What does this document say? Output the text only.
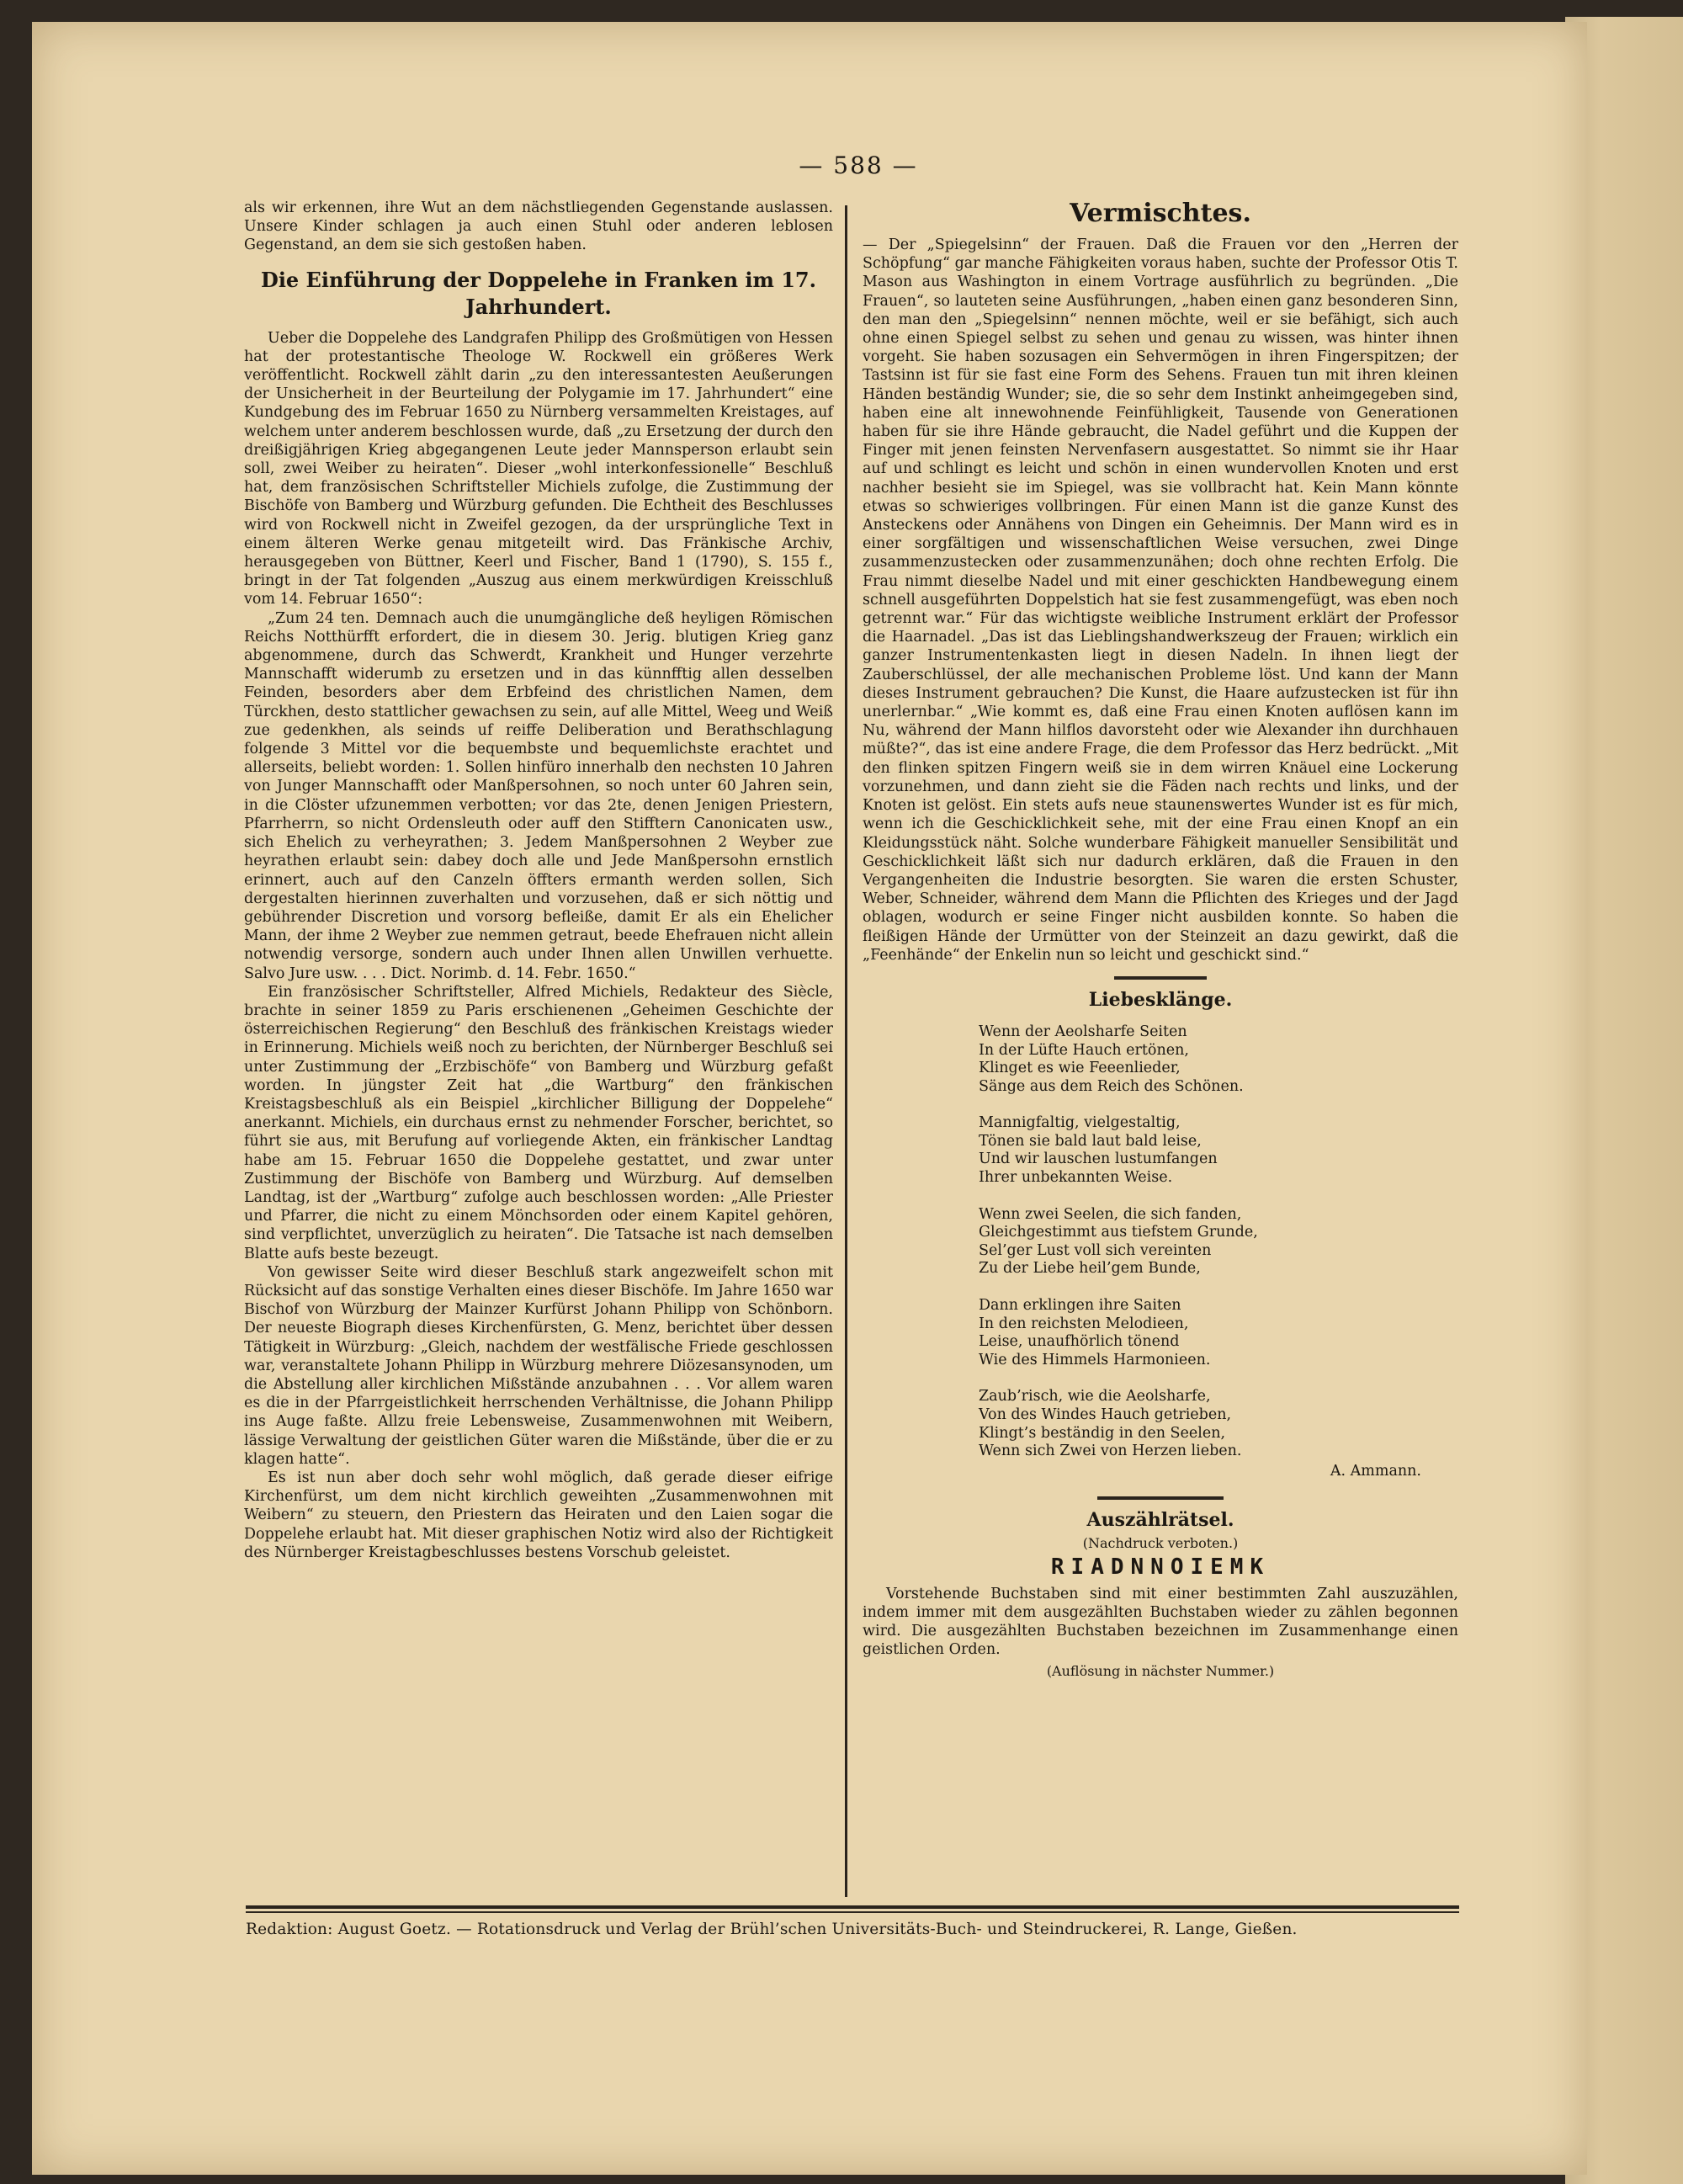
— 588 —

als wir erkennen, ihre Wut an dem nächstliegenden Gegenstande auslassen. Unsere Kinder schlagen ja auch einen Stuhl oder anderen leblosen Gegenstand, an dem sie sich gestoßen haben.

Die Einführung der Doppelehe in Franken im 17. Jahrhundert.

Ueber die Doppelehe des Landgrafen Philipp des Großmütigen von Hessen hat der protestantische Theologe W. Rockwell ein größeres Werk veröffentlicht. Rockwell zählt darin „zu den interessantesten Aeußerungen der Unsicherheit in der Beurteilung der Polygamie im 17. Jahrhundert“ eine Kundgebung des im Februar 1650 zu Nürnberg versammelten Kreistages, auf welchem unter anderem beschlossen wurde, daß „zu Ersetzung der durch den dreißigjährigen Krieg abgegangenen Leute jeder Mannsperson erlaubt sein soll, zwei Weiber zu heiraten“. Dieser „wohl interkonfessionelle“ Beschluß hat, dem französischen Schriftsteller Michiels zufolge, die Zustimmung der Bischöfe von Bamberg und Würzburg gefunden. Die Echtheit des Beschlusses wird von Rockwell nicht in Zweifel gezogen, da der ursprüngliche Text in einem älteren Werke genau mitgeteilt wird. Das Fränkische Archiv, herausgegeben von Büttner, Keerl und Fischer, Band 1 (1790), S. 155 f., bringt in der Tat folgenden „Auszug aus einem merkwürdigen Kreisschluß vom 14. Februar 1650“:

„Zum 24 ten. Demnach auch die unumgängliche deß heyligen Römischen Reichs Notthürfft erfordert, die in diesem 30. Jerig. blutigen Krieg ganz abgenommene, durch das Schwerdt, Krankheit und Hunger verzehrte Mannschafft widerumb zu ersetzen und in das künnfftig allen desselben Feinden, besorders aber dem Erbfeind des christlichen Namen, dem Türckhen, desto stattlicher gewachsen zu sein, auf alle Mittel, Weeg und Weiß zue gedenkhen, als seinds uf reiffe Deliberation und Berathschlagung folgende 3 Mittel vor die bequembste und bequemlichste erachtet und allerseits, beliebt worden: 1. Sollen hinfüro innerhalb den nechsten 10 Jahren von Junger Mannschafft oder Manßpersohnen, so noch unter 60 Jahren sein, in die Clöster ufzunemmen verbotten; vor das 2te, denen Jenigen Priestern, Pfarrherrn, so nicht Ordensleuth oder auff den Stifftern Canonicaten usw., sich Ehelich zu verheyrathen; 3. Jedem Manßpersohnen 2 Weyber zue heyrathen erlaubt sein: dabey doch alle und Jede Manßpersohn ernstlich erinnert, auch auf den Canzeln öffters ermanth werden sollen, Sich dergestalten hierinnen zuverhalten und vorzusehen, daß er sich nöttig und gebührender Discretion und vorsorg befleiße, damit Er als ein Ehelicher Mann, der ihme 2 Weyber zue nemmen getraut, beede Ehefrauen nicht allein notwendig versorge, sondern auch under Ihnen allen Unwillen verhuette. Salvo Jure usw. . . . Dict. Norimb. d. 14. Febr. 1650.“

Ein französischer Schriftsteller, Alfred Michiels, Redakteur des Siècle, brachte in seiner 1859 zu Paris erschienenen „Geheimen Geschichte der österreichischen Regierung“ den Beschluß des fränkischen Kreistags wieder in Erinnerung. Michiels weiß noch zu berichten, der Nürnberger Beschluß sei unter Zustimmung der „Erzbischöfe“ von Bamberg und Würzburg gefaßt worden. In jüngster Zeit hat „die Wartburg“ den fränkischen Kreistagsbeschluß als ein Beispiel „kirchlicher Billigung der Doppelehe“ anerkannt. Michiels, ein durchaus ernst zu nehmender Forscher, berichtet, so führt sie aus, mit Berufung auf vorliegende Akten, ein fränkischer Landtag habe am 15. Februar 1650 die Doppelehe gestattet, und zwar unter Zustimmung der Bischöfe von Bamberg und Würzburg. Auf demselben Landtag, ist der „Wartburg“ zufolge auch beschlossen worden: „Alle Priester und Pfarrer, die nicht zu einem Mönchsorden oder einem Kapitel gehören, sind verpflichtet, unverzüglich zu heiraten“. Die Tatsache ist nach demselben Blatte aufs beste bezeugt.

Von gewisser Seite wird dieser Beschluß stark angezweifelt schon mit Rücksicht auf das sonstige Verhalten eines dieser Bischöfe. Im Jahre 1650 war Bischof von Würzburg der Mainzer Kurfürst Johann Philipp von Schönborn. Der neueste Biograph dieses Kirchenfürsten, G. Menz, berichtet über dessen Tätigkeit in Würzburg: „Gleich, nachdem der westfälische Friede geschlossen war, veranstaltete Johann Philipp in Würzburg mehrere Diözesansynoden, um die Abstellung aller kirchlichen Mißstände anzubahnen . . . Vor allem waren es die in der Pfarrgeistlichkeit herrschenden Verhältnisse, die Johann Philipp ins Auge faßte. Allzu freie Lebensweise, Zusammenwohnen mit Weibern, lässige Verwaltung der geistlichen Güter waren die Mißstände, über die er zu klagen hatte“.

Es ist nun aber doch sehr wohl möglich, daß gerade dieser eifrige Kirchenfürst, um dem nicht kirchlich geweihten „Zusammenwohnen mit Weibern“ zu steuern, den Priestern das Heiraten und den Laien sogar die Doppelehe erlaubt hat. Mit dieser graphischen Notiz wird also der Richtigkeit des Nürnberger Kreistagbeschlusses bestens Vorschub geleistet.

Vermischtes.

— Der „Spiegelsinn“ der Frauen. Daß die Frauen vor den „Herren der Schöpfung“ gar manche Fähigkeiten voraus haben, suchte der Professor Otis T. Mason aus Washington in einem Vortrage ausführlich zu begründen. „Die Frauen“, so lauteten seine Ausführungen, „haben einen ganz besonderen Sinn, den man den „Spiegelsinn“ nennen möchte, weil er sie befähigt, sich auch ohne einen Spiegel selbst zu sehen und genau zu wissen, was hinter ihnen vorgeht. Sie haben sozusagen ein Sehvermögen in ihren Fingerspitzen; der Tastsinn ist für sie fast eine Form des Sehens. Frauen tun mit ihren kleinen Händen beständig Wunder; sie, die so sehr dem Instinkt anheimgegeben sind, haben eine alt innewohnende Feinfühligkeit, Tausende von Generationen haben für sie ihre Hände gebraucht, die Nadel geführt und die Kuppen der Finger mit jenen feinsten Nervenfasern ausgestattet. So nimmt sie ihr Haar auf und schlingt es leicht und schön in einen wundervollen Knoten und erst nachher besieht sie im Spiegel, was sie vollbracht hat. Kein Mann könnte etwas so schwieriges vollbringen. Für einen Mann ist die ganze Kunst des Ansteckens oder Annähens von Dingen ein Geheimnis. Der Mann wird es in einer sorgfältigen und wissenschaftlichen Weise versuchen, zwei Dinge zusammenzustecken oder zusammenzunähen; doch ohne rechten Erfolg. Die Frau nimmt dieselbe Nadel und mit einer geschickten Handbewegung einem schnell ausgeführten Doppelstich hat sie fest zusammengefügt, was eben noch getrennt war.“ Für das wichtigste weibliche Instrument erklärt der Professor die Haarnadel. „Das ist das Lieblingshandwerkszeug der Frauen; wirklich ein ganzer Instrumentenkasten liegt in diesen Nadeln. In ihnen liegt der Zauberschlüssel, der alle mechanischen Probleme löst. Und kann der Mann dieses Instrument gebrauchen? Die Kunst, die Haare aufzustecken ist für ihn unerlernbar.“ „Wie kommt es, daß eine Frau einen Knoten auflösen kann im Nu, während der Mann hilflos davorsteht oder wie Alexander ihn durchhauen müßte?“, das ist eine andere Frage, die dem Professor das Herz bedrückt. „Mit den flinken spitzen Fingern weiß sie in dem wirren Knäuel eine Lockerung vorzunehmen, und dann zieht sie die Fäden nach rechts und links, und der Knoten ist gelöst. Ein stets aufs neue staunenswertes Wunder ist es für mich, wenn ich die Geschicklichkeit sehe, mit der eine Frau einen Knopf an ein Kleidungsstück näht. Solche wunderbare Fähigkeit manueller Sensibilität und Geschicklichkeit läßt sich nur dadurch erklären, daß die Frauen in den Vergangenheiten die Industrie besorgten. Sie waren die ersten Schuster, Weber, Schneider, während dem Mann die Pflichten des Krieges und der Jagd oblagen, wodurch er seine Finger nicht ausbilden konnte. So haben die fleißigen Hände der Urmütter von der Steinzeit an dazu gewirkt, daß die „Feenhände“ der Enkelin nun so leicht und geschickt sind.“

Liebesklänge.
Wenn der Aeolsharfe Seiten
In der Lüfte Hauch ertönen,
Klinget es wie Feeenlieder,
Sänge aus dem Reich des Schönen.
Mannigfaltig, vielgestaltig,
Tönen sie bald laut bald leise,
Und wir lauschen lustumfangen
Ihrer unbekannten Weise.
Wenn zwei Seelen, die sich fanden,
Gleichgestimmt aus tiefstem Grunde,
Sel’ger Lust voll sich vereinten
Zu der Liebe heil’gem Bunde,
Dann erklingen ihre Saiten
In den reichsten Melodieen,
Leise, unaufhörlich tönend
Wie des Himmels Harmonieen.
Zaub’risch, wie die Aeolsharfe,
Von des Windes Hauch getrieben,
Klingt’s beständig in den Seelen,
Wenn sich Zwei von Herzen lieben.
A. Ammann.
Auszählrätsel.
(Nachdruck verboten.)
RIADNNOIEMK

Vorstehende Buchstaben sind mit einer bestimmten Zahl auszuzählen, indem immer mit dem ausgezählten Buchstaben wieder zu zählen begonnen wird. Die ausgezählten Buchstaben bezeichnen im Zusammenhange einen geistlichen Orden.

(Auflösung in nächster Nummer.)
Redaktion: August Goetz. — Rotationsdruck und Verlag der Brühl’schen Universitäts-Buch- und Steindruckerei, R. Lange, Gießen.
